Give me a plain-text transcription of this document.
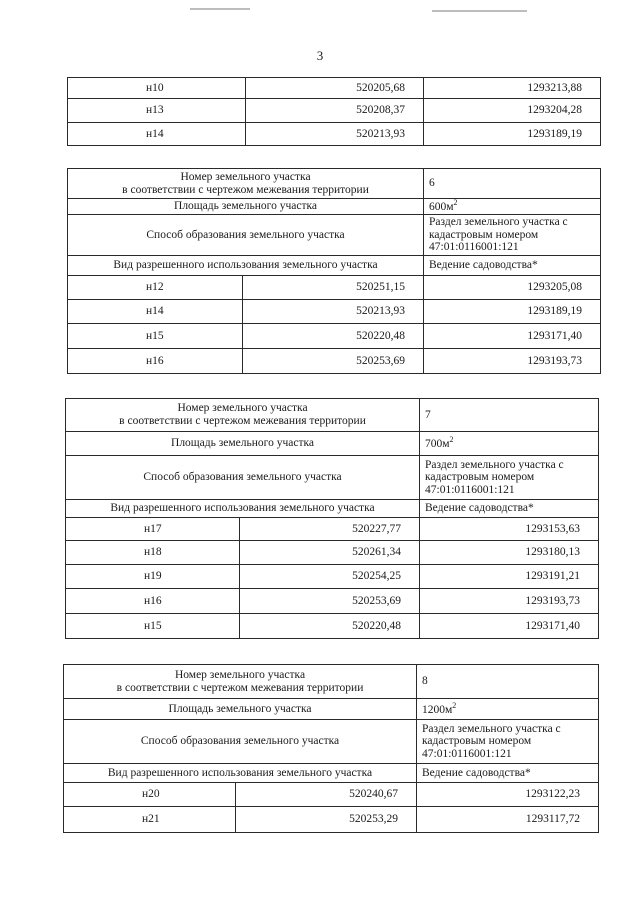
3
н10	520205,68	1293213,88
н13	520208,37	1293204,28
н14	520213,93	1293189,19
Номер земельного участка
в соответствии с чертежом межевания территории		6
Площадь земельного участка		$600м^2$
Способ образования земельного участка		Раздел земельного участка с
кадастровым номером
47:01:0116001:121

Вид разрешенного использования земельного участка		Ведение садоводства*
н12	520251,15	1293205,08
н14	520213,93	1293189,19
н15	520220,48	1293171,40
н16	520253,69	1293193,73
Номер земельного участка
в соответствии с чертежом межевания территории		7
Площадь земельного участка		$700м^2$
Способ образования земельного участка		Раздел земельного участка с
кадастровым номером
47:01:0116001:121

Вид разрешенного использования земельного участка		Ведение садоводства*
н17	520227,77	1293153,63
н18	520261,34	1293180,13
н19	520254,25	1293191,21
н16	520253,69	1293193,73
н15	520220,48	1293171,40
Номер земельного участка
в соответствии с чертежом межевания территории		8
Площадь земельного участка		$1200м^2$
Способ образования земельного участка		Раздел земельного участка с
кадастровым номером
47:01:0116001:121

Вид разрешенного использования земельного участка		Ведение садоводства*
н20	520240,67	1293122,23
н21	520253,29	1293117,72
